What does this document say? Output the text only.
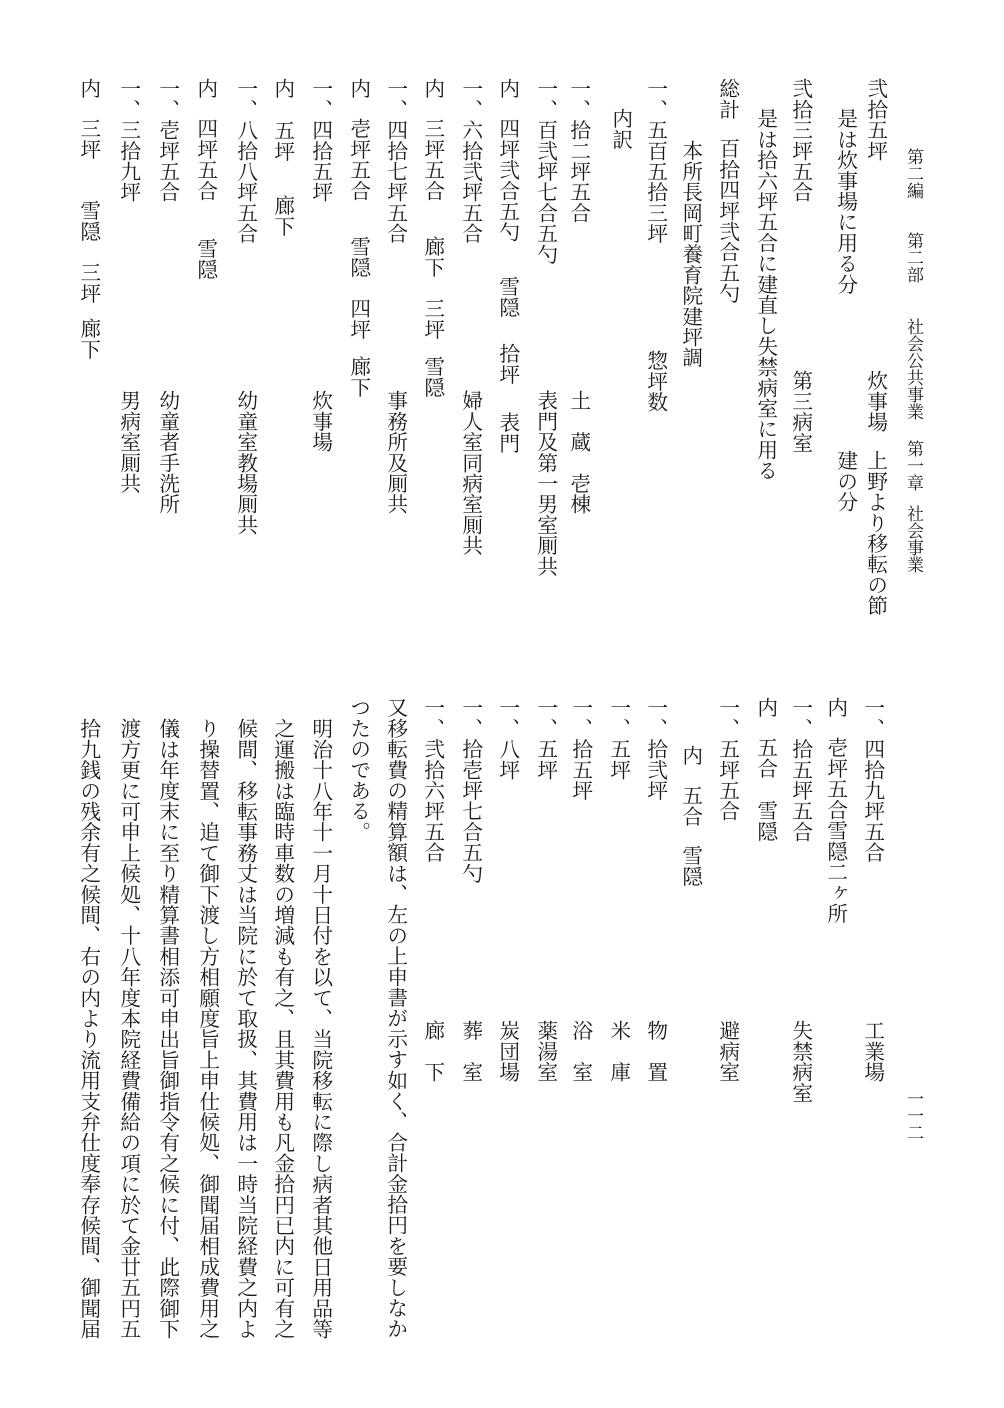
第二編
第二部
社会公共事業
第一章
社会事業
一一二
弐拾五坪
炊事場
上野より移転の節
是は炊事場に用る分
建の分
弐拾三坪五合
第三病室
是は拾六坪五合に建直し失禁病室に用る
総計
百拾四坪弐合五勺
本所長岡町養育院建坪調
一、五百五拾三坪
惣坪数
内訳
一、拾二坪五合
土　蔵　壱棟
一、百弐坪七合五勺
表門及第一男室厠共
内
四坪弐合五勺
雪隠
拾坪
表門
一、六拾弐坪五合
婦人室同病室厠共
内
三坪五合
廊下
三坪
雪隠
一、四拾七坪五合
事務所及厠共
内
壱坪五合
雪隠
四坪
廊下
一、四拾五坪
炊事場
内
五坪
廊下
一、八拾八坪五合
幼童室教場厠共
内
四坪五合
雪隠
一、壱坪五合
幼童者手洗所
一、三拾九坪
男病室厠共
内
三坪
雪隠
三坪
廊下
一、四拾九坪五合
工業場
内
壱坪五合
雪隠二ヶ所
一、拾五坪五合
失禁病室
内
五合
雪隠
一、五坪五合
避病室
内
五合
雪隠
一、拾弐坪
物　置
一、五坪
米　庫
一、拾五坪
浴　室
一、五坪
薬湯室
一、八坪
炭団場
一、拾壱坪七合五勺
葬　室
一、弐拾六坪五合
廊　下
又移転費の精算額は、左の上申書が示す如く、合計金拾円を要しなか
つたのである。
明治十八年十一月十日付を以て、当院移転に際し病者其他日用品等
之運搬は臨時車数の増減も有之、且其費用も凡金拾円已内に可有之
候間、移転事務丈は当院に於て取扱、其費用は一時当院経費之内よ
り操替置、追て御下渡し方相願度旨上申仕候処、御聞届相成費用之
儀は年度末に至り精算書相添可申出旨御指令有之候に付、此際御下
渡方更に可申上候処、十八年度本院経費備給の項に於て金廿五円五
拾九銭の残余有之候間、右の内より流用支弁仕度奉存候間、御聞届
